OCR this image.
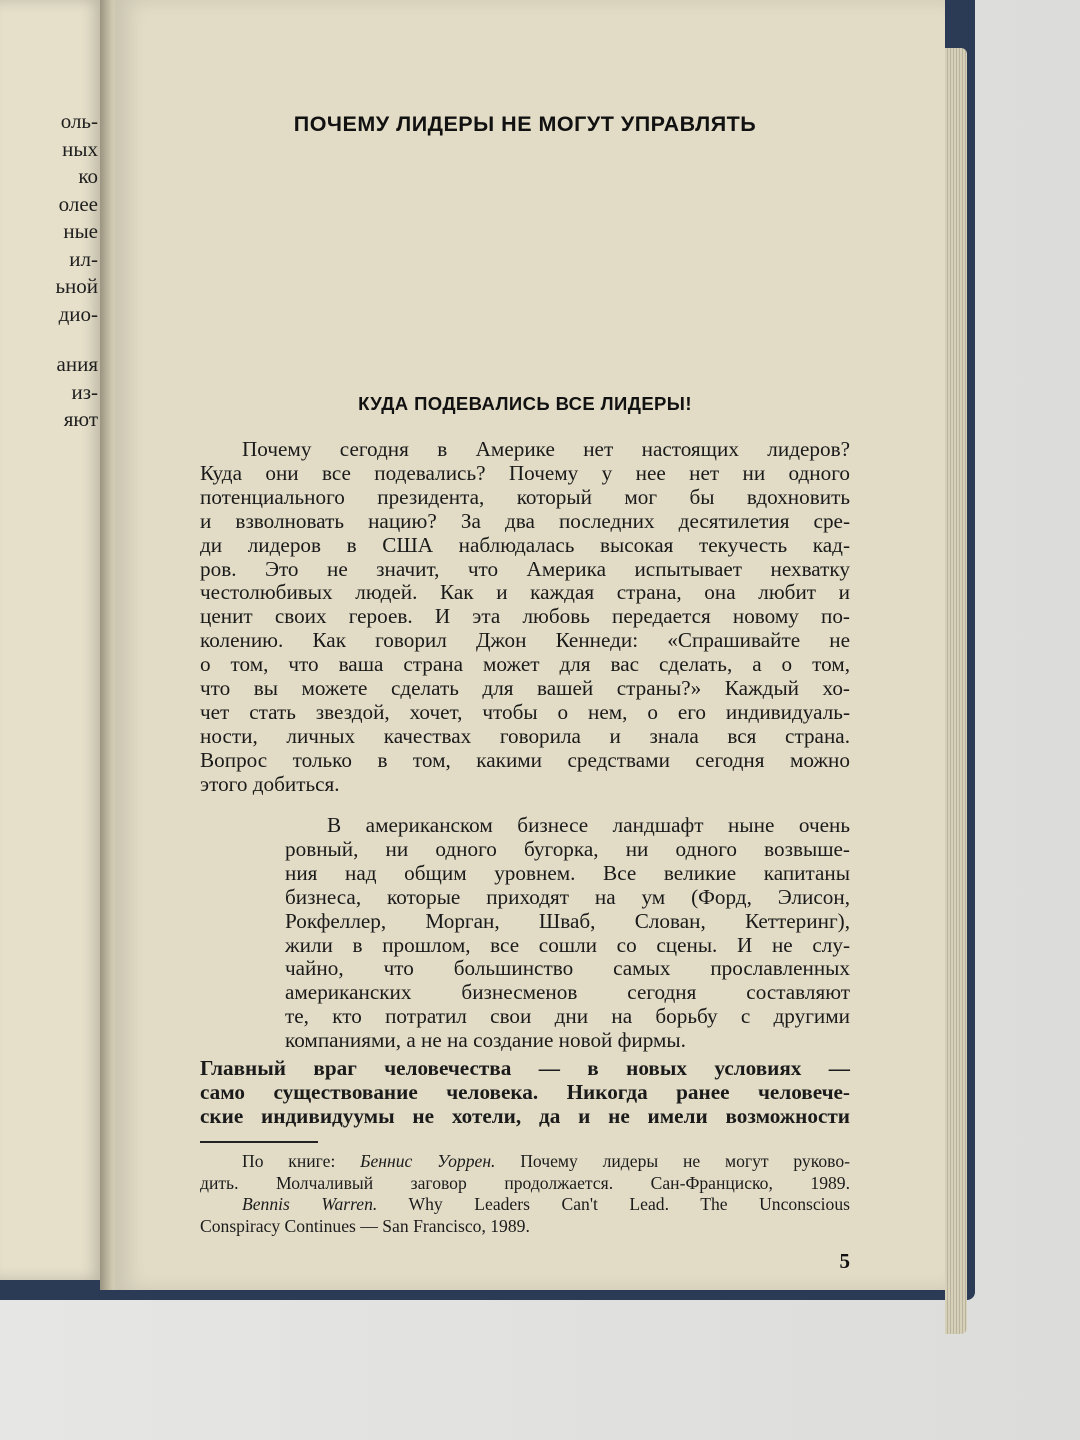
оль-
ных
ко
олее
ные
ил-
ьной
дио-
ания
из-
яют
ПОЧЕМУ ЛИДЕРЫ НЕ МОГУТ УПРАВЛЯТЬ
КУДА ПОДЕВАЛИСЬ ВСЕ ЛИДЕРЫ!
Почему сегодня в Америке нет настоящих лидеров?
Куда они все подевались? Почему у нее нет ни одного
потенциального президента, который мог бы вдохновить
и взволновать нацию? За два последних десятилетия сре-
ди лидеров в США наблюдалась высокая текучесть кад-
ров. Это не значит, что Америка испытывает нехватку
честолюбивых людей. Как и каждая страна, она любит и
ценит своих героев. И эта любовь передается новому по-
колению. Как говорил Джон Кеннеди: «Спрашивайте не
о том, что ваша страна может для вас сделать, а о том,
что вы можете сделать для вашей страны?» Каждый хо-
чет стать звездой, хочет, чтобы о нем, о его индивидуаль-
ности, личных качествах говорила и знала вся страна.
Вопрос только в том, какими средствами сегодня можно
этого добиться.
В американском бизнесе ландшафт ныне очень
ровный, ни одного бугорка, ни одного возвыше-
ния над общим уровнем. Все великие капитаны
бизнеса, которые приходят на ум (Форд, Элисон,
Рокфеллер, Морган, Шваб, Слован, Кеттеринг),
жили в прошлом, все сошли со сцены. И не слу-
чайно, что большинство самых прославленных
американских бизнесменов сегодня составляют
те, кто потратил свои дни на борьбу с другими
компаниями, а не на создание новой фирмы.
Главный враг человечества — в новых условиях —
само существование человека. Никогда ранее человече-
ские индивидуумы не хотели, да и не имели возможности
По книге: Беннис Уоррен. Почему лидеры не могут руково-
дить. Молчаливый заговор продолжается. Сан-Франциско, 1989.
Bennis Warren. Why Leaders Can't Lead. The Unconscious
Conspiracy Continues — San Francisco, 1989.
5
